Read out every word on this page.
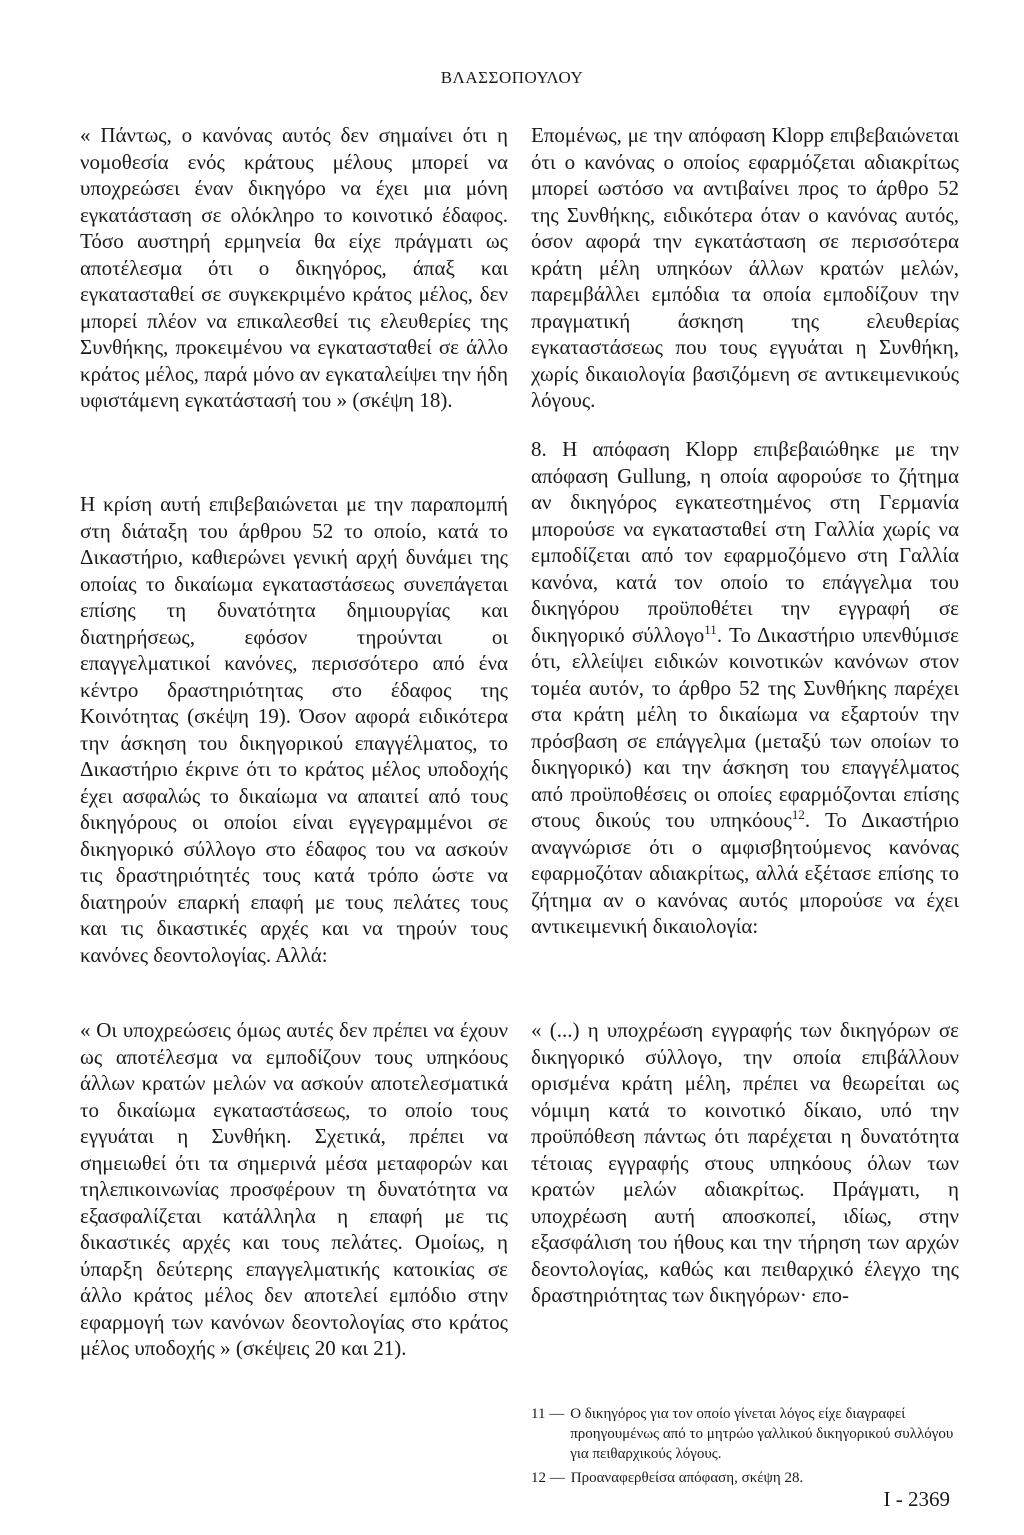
ΒΛΑΣΣΟΠΟΥΛΟΥ

« Πάντως, ο κανόνας αυτός δεν σημαίνει ότι η νομοθεσία ενός κράτους μέλους μπορεί να υποχρεώσει έναν δικηγόρο να έχει μια μόνη εγκατάσταση σε ολόκληρο το κοινοτικό έδαφος. Τόσο αυστηρή ερμηνεία θα είχε πράγματι ως αποτέλεσμα ότι ο δικηγόρος, άπαξ και εγκατασταθεί σε συγκεκριμένο κράτος μέλος, δεν μπορεί πλέον να επικαλεσθεί τις ελευθερίες της Συνθήκης, προκειμένου να εγκατασταθεί σε άλλο κράτος μέλος, παρά μόνο αν εγκαταλείψει την ήδη υφιστάμενη εγκατάστασή του » (σκέψη 18).

Η κρίση αυτή επιβεβαιώνεται με την παραπομπή στη διάταξη του άρθρου 52 το οποίο, κατά το Δικαστήριο, καθιερώνει γενική αρχή δυνάμει της οποίας το δικαίωμα εγκαταστάσεως συνεπάγεται επίσης τη δυνατότητα δημιουργίας και διατηρήσεως, εφόσον τηρούνται οι επαγγελματικοί κανόνες, περισσότερο από ένα κέντρο δραστηριότητας στο έδαφος της Κοινότητας (σκέψη 19). Όσον αφορά ειδικότερα την άσκηση του δικηγορικού επαγγέλματος, το Δικαστήριο έκρινε ότι το κράτος μέλος υποδοχής έχει ασφαλώς το δικαίωμα να απαιτεί από τους δικηγόρους οι οποίοι είναι εγγεγραμμένοι σε δικηγορικό σύλλογο στο έδαφος του να ασκούν τις δραστηριότητές τους κατά τρόπο ώστε να διατηρούν επαρκή επαφή με τους πελάτες τους και τις δικαστικές αρχές και να τηρούν τους κανόνες δεοντολογίας. Αλλά:

« Οι υποχρεώσεις όμως αυτές δεν πρέπει να έχουν ως αποτέλεσμα να εμποδίζουν τους υπηκόους άλλων κρατών μελών να ασκούν αποτελεσματικά το δικαίωμα εγκαταστάσεως, το οποίο τους εγγυάται η Συνθήκη. Σχετικά, πρέπει να σημειωθεί ότι τα σημερινά μέσα μεταφορών και τηλεπικοινωνίας προσφέρουν τη δυνατότητα να εξασφαλίζεται κατάλληλα η επαφή με τις δικαστικές αρχές και τους πελάτες. Ομοίως, η ύπαρξη δεύτερης επαγγελματικής κατοικίας σε άλλο κράτος μέλος δεν αποτελεί εμπόδιο στην εφαρμογή των κανόνων δεοντολογίας στο κράτος μέλος υποδοχής » (σκέψεις 20 και 21).

Επομένως, με την απόφαση Klopp επιβεβαιώνεται ότι ο κανόνας ο οποίος εφαρμόζεται αδιακρίτως μπορεί ωστόσο να αντιβαίνει προς το άρθρο 52 της Συνθήκης, ειδικότερα όταν ο κανόνας αυτός, όσον αφορά την εγκατάσταση σε περισσότερα κράτη μέλη υπηκόων άλλων κρατών μελών, παρεμβάλλει εμπόδια τα οποία εμποδίζουν την πραγματική άσκηση της ελευθερίας εγκαταστάσεως που τους εγγυάται η Συνθήκη, χωρίς δικαιολογία βασιζόμενη σε αντικειμενικούς λόγους.

8. Η απόφαση Klopp επιβεβαιώθηκε με την απόφαση Gullung, η οποία αφορούσε το ζήτημα αν δικηγόρος εγκατεστημένος στη Γερμανία μπορούσε να εγκατασταθεί στη Γαλλία χωρίς να εμποδίζεται από τον εφαρμοζόμενο στη Γαλλία κανόνα, κατά τον οποίο το επάγγελμα του δικηγόρου προϋποθέτει την εγγραφή σε δικηγορικό σύλλογο$^{11}$. Το Δικαστήριο υπενθύμισε ότι, ελλείψει ειδικών κοινοτικών κανόνων στον τομέα αυτόν, το άρθρο 52 της Συνθήκης παρέχει στα κράτη μέλη το δικαίωμα να εξαρτούν την πρόσβαση σε επάγγελμα (μεταξύ των οποίων το δικηγορικό) και την άσκηση του επαγγέλματος από προϋποθέσεις οι οποίες εφαρμόζονται επίσης στους δικούς του υπηκόους$^{12}$. Το Δικαστήριο αναγνώρισε ότι ο αμφισβητούμενος κανόνας εφαρμοζόταν αδιακρίτως, αλλά εξέτασε επίσης το ζήτημα αν ο κανόνας αυτός μπορούσε να έχει αντικειμενική δικαιολογία:

« (...) η υποχρέωση εγγραφής των δικηγόρων σε δικηγορικό σύλλογο, την οποία επιβάλλουν ορισμένα κράτη μέλη, πρέπει να θεωρείται ως νόμιμη κατά το κοινοτικό δίκαιο, υπό την προϋπόθεση πάντως ότι παρέχεται η δυνατότητα τέτοιας εγγραφής στους υπηκόους όλων των κρατών μελών αδιακρίτως. Πράγματι, η υποχρέωση αυτή αποσκοπεί, ιδίως, στην εξασφάλιση του ήθους και την τήρηση των αρχών δεοντολογίας, καθώς και πειθαρχικό έλεγχο της δραστηριότητας των δικηγόρων· επο-

11 — Ο δικηγόρος για τον οποίο γίνεται λόγος είχε διαγραφεί προηγουμένως από το μητρώο γαλλικού δικηγορικού συλλόγου για πειθαρχικούς λόγους.
12 — Προαναφερθείσα απόφαση, σκέψη 28.
I - 2369
